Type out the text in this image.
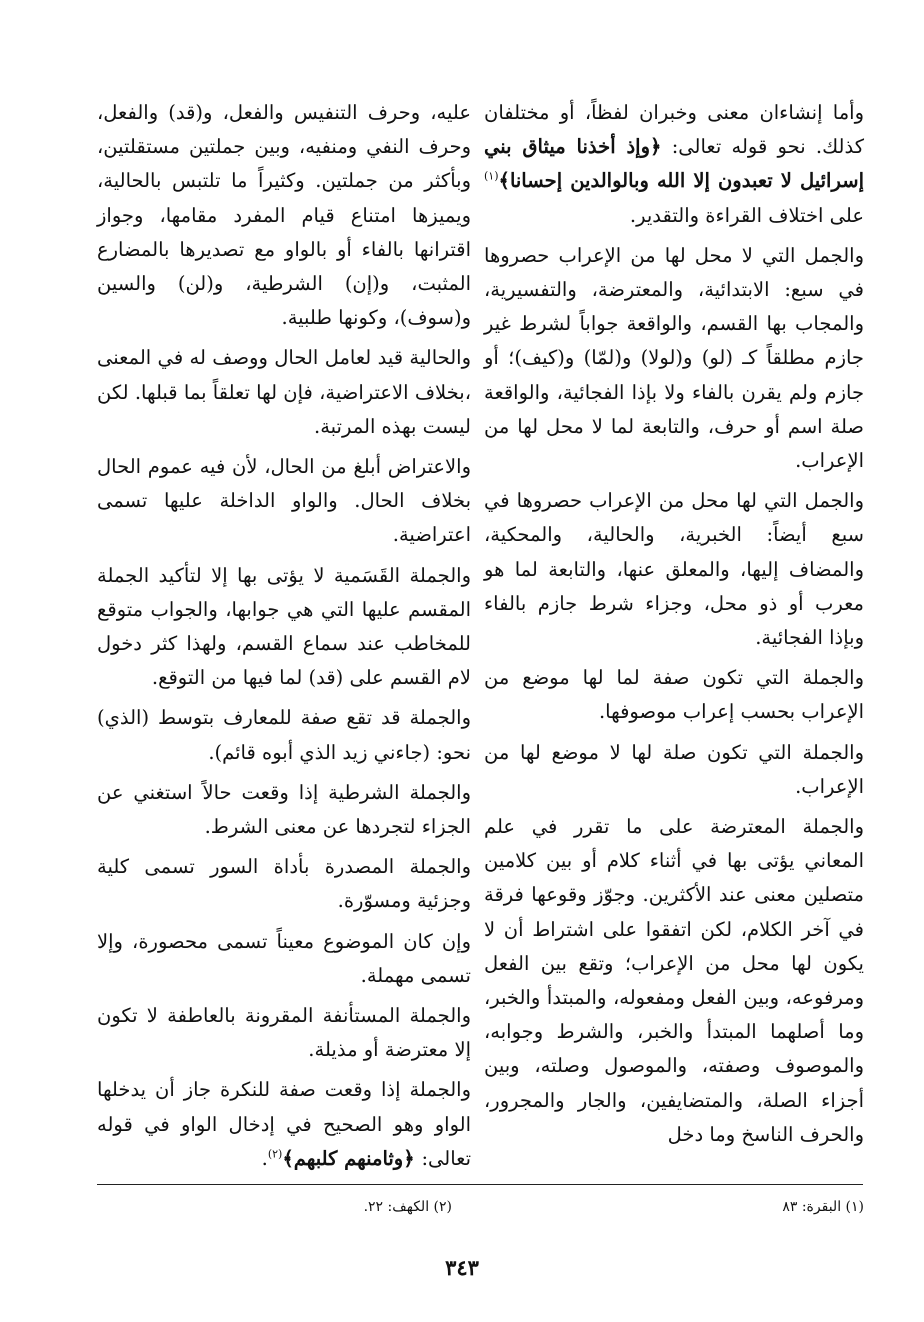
وأما إنشاءان معنى وخبران لفظاً، أو مختلفان كذلك. نحو قوله تعالى: ﴿وإذ أخذنا ميثاق بني إسرائيل لا تعبدون إلا الله وبالوالدين إحسانا﴾$^{(١)}$ على اختلاف القراءة والتقدير.

والجمل التي لا محل لها من الإعراب حصروها في سبع: الابتدائية، والمعترضة، والتفسيرية، والمجاب بها القسم، والواقعة جواباً لشرط غير جازم مطلقاً كـ (لو) و(لولا) و(لمّا) و(كيف)؛ أو جازم ولم يقرن بالفاء ولا بإذا الفجائية، والواقعة صلة اسم أو حرف، والتابعة لما لا محل لها من الإعراب.

والجمل التي لها محل من الإعراب حصروها في سبع أيضاً: الخبرية، والحالية، والمحكية، والمضاف إليها، والمعلق عنها، والتابعة لما هو معرب أو ذو محل، وجزاء شرط جازم بالفاء وبإذا الفجائية.

والجملة التي تكون صفة لما لها موضع من الإعراب بحسب إعراب موصوفها.

والجملة التي تكون صلة لها لا موضع لها من الإعراب.

والجملة المعترضة على ما تقرر في علم المعاني يؤتى بها في أثناء كلام أو بين كلامين متصلين معنى عند الأكثرين. وجوّز وقوعها فرقة في آخر الكلام، لكن اتفقوا على اشتراط أن لا يكون لها محل من الإعراب؛ وتقع بين الفعل ومرفوعه، وبين الفعل ومفعوله، والمبتدأ والخبر، وما أصلهما المبتدأ والخبر، والشرط وجوابه، والموصوف وصفته، والموصول وصلته، وبين أجزاء الصلة، والمتضايفين، والجار والمجرور، والحرف الناسخ وما دخل

عليه، وحرف التنفيس والفعل، و(قد) والفعل، وحرف النفي ومنفيه، وبين جملتين مستقلتين، وبأكثر من جملتين. وكثيراً ما تلتبس بالحالية، ويميزها امتناع قيام المفرد مقامها، وجواز اقترانها بالفاء أو بالواو مع تصديرها بالمضارع المثبت، و(إن) الشرطية، و(لن) والسين و(سوف)، وكونها طلبية.

والحالية قيد لعامل الحال ووصف له في المعنى ،بخلاف الاعتراضية، فإن لها تعلقاً بما قبلها. لكن ليست بهذه المرتبة.

والاعتراض أبلغ من الحال، لأن فيه عموم الحال بخلاف الحال. والواو الداخلة عليها تسمى اعتراضية.

والجملة القَسَمية لا يؤتى بها إلا لتأكيد الجملة المقسم عليها التي هي جوابها، والجواب متوقع للمخاطب عند سماع القسم، ولهذا كثر دخول لام القسم على (قد) لما فيها من التوقع.

والجملة قد تقع صفة للمعارف بتوسط (الذي) نحو: (جاءني زيد الذي أبوه قائم).

والجملة الشرطية إذا وقعت حالاً استغني عن الجزاء لتجردها عن معنى الشرط.

والجملة المصدرة بأداة السور تسمى كلية وجزئية ومسوّرة.

وإن كان الموضوع معيناً تسمى محصورة، وإلا تسمى مهملة.

والجملة المستأنفة المقرونة بالعاطفة لا تكون إلا معترضة أو مذيلة.

والجملة إذا وقعت صفة للنكرة جاز أن يدخلها الواو وهو الصحيح في إدخال الواو في قوله تعالى: ﴿وثامنهم كلبهم﴾$^{(٢)}$.

(١) البقرة: ٨٣
(٢) الكهف: ٢٢.
٣٤٣
